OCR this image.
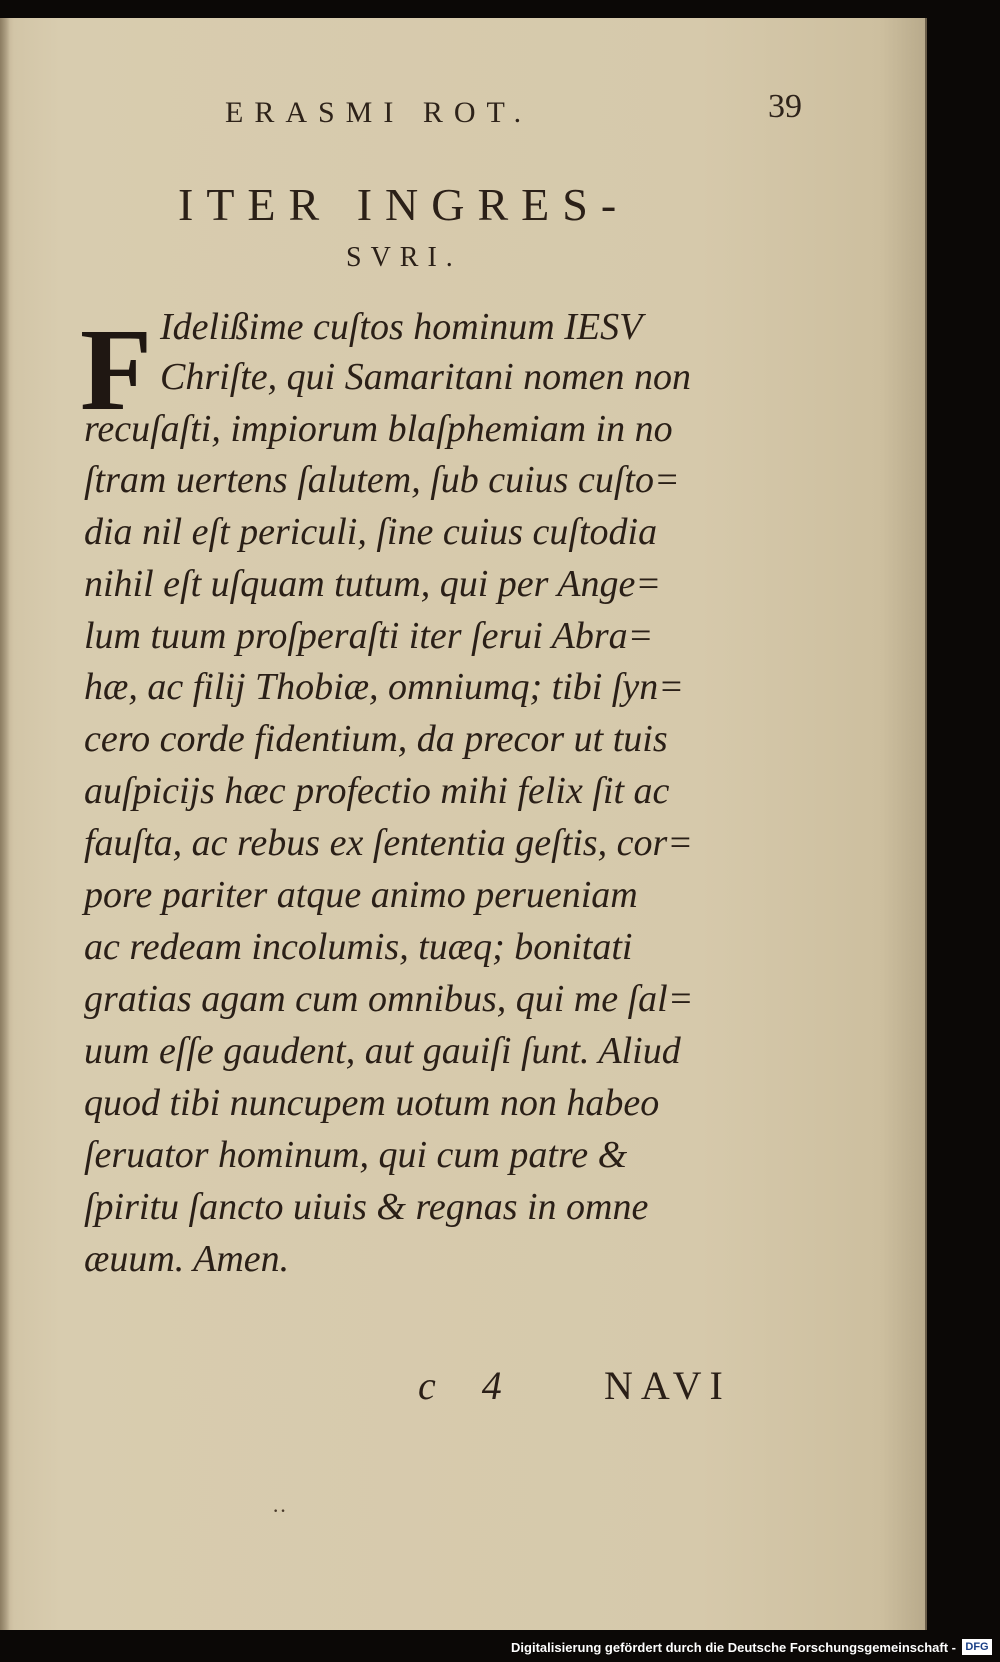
ERASMI ROT.	39
ITER INGRES-
SVRI.
F Idelißime cuſtos hominum IESV
Chriſte, qui Samaritani nomen non
recuſaſti, impiorum blaſphemiam in no
ſtram uertens ſalutem, ſub cuius cuſto=
dia nil eſt periculi, ſine cuius cuſtodia
nihil eſt uſquam tutum, qui per Ange=
lum tuum proſperaſti iter ſerui Abra=
hæ, ac filij Thobiæ, omniumq; tibi ſyn=
cero corde fidentium, da precor ut tuis
auſpicijs hæc profectio mihi felix ſit ac
fauſta, ac rebus ex ſententia geſtis, cor=
pore pariter atque animo perueniam
ac redeam incolumis, tuæq; bonitati
gratias agam cum omnibus, qui me ſal=
uum eſſe gaudent, aut gauiſi ſunt. Aliud
quod tibi nuncupem uotum non habeo
ſeruator hominum, qui cum patre &
ſpiritu ſancto uiuis & regnas in omne
æuum. Amen.
c 4 NAVI
··
Digitalisierung gefördert durch die Deutsche Forschungsgemeinschaft - DFG
